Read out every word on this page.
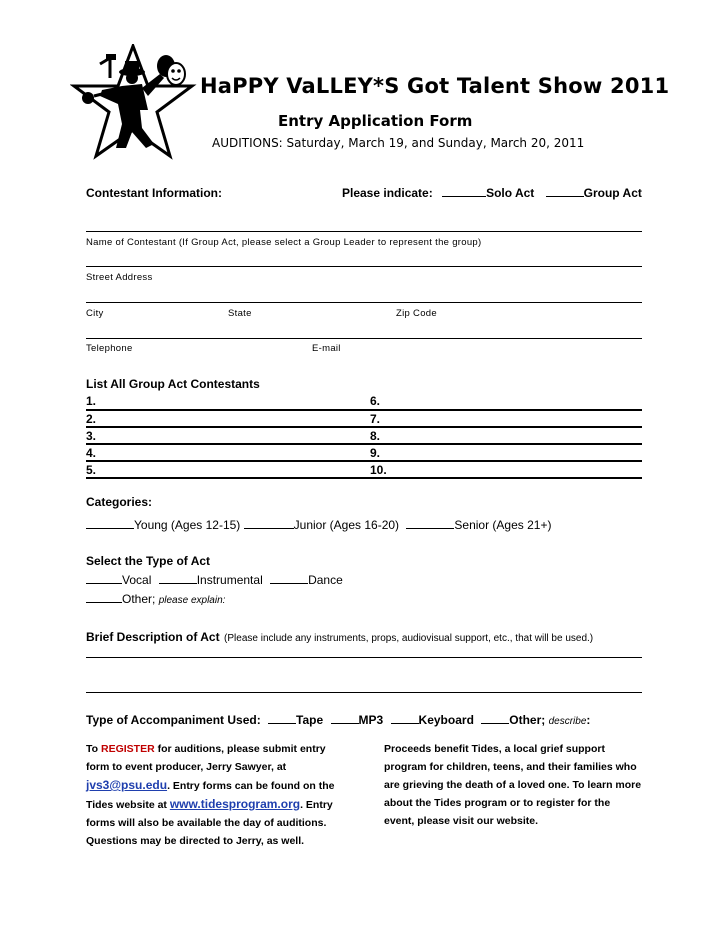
HaPPY VaLLEY*S Got Talent Show 2011
Entry Application Form
AUDITIONS: Saturday, March 19, and Sunday, March 20, 2011
Contestant Information:	Please indicate:	Solo Act	Group Act
Name of Contestant (If Group Act, please select a Group Leader to represent the group)
Street Address
City	State	Zip Code
Telephone	E-mail
List All Group Act Contestants
1.	6.
2.	7.
3.	8.
4.	9.
5.	10.
Categories:
Young (Ages 12-15)	Junior (Ages 16-20)	Senior (Ages 21+)
Select the Type of Act
Vocal	Instrumental	Dance
Other; please explain:
Brief Description of Act (Please include any instruments, props, audiovisual support, etc., that will be used.)
Type of Accompaniment Used:	Tape	MP3	Keyboard	Other; describe:
To REGISTER for auditions, please submit entry
form to event producer, Jerry Sawyer, at
jvs3@psu.edu. Entry forms can be found on the
Tides website at www.tidesprogram.org. Entry
forms will also be available the day of auditions.
Questions may be directed to Jerry, as well.
Proceeds benefit Tides, a local grief support
program for children, teens, and their families who
are grieving the death of a loved one. To learn more
about the Tides program or to register for the
event, please visit our website.
